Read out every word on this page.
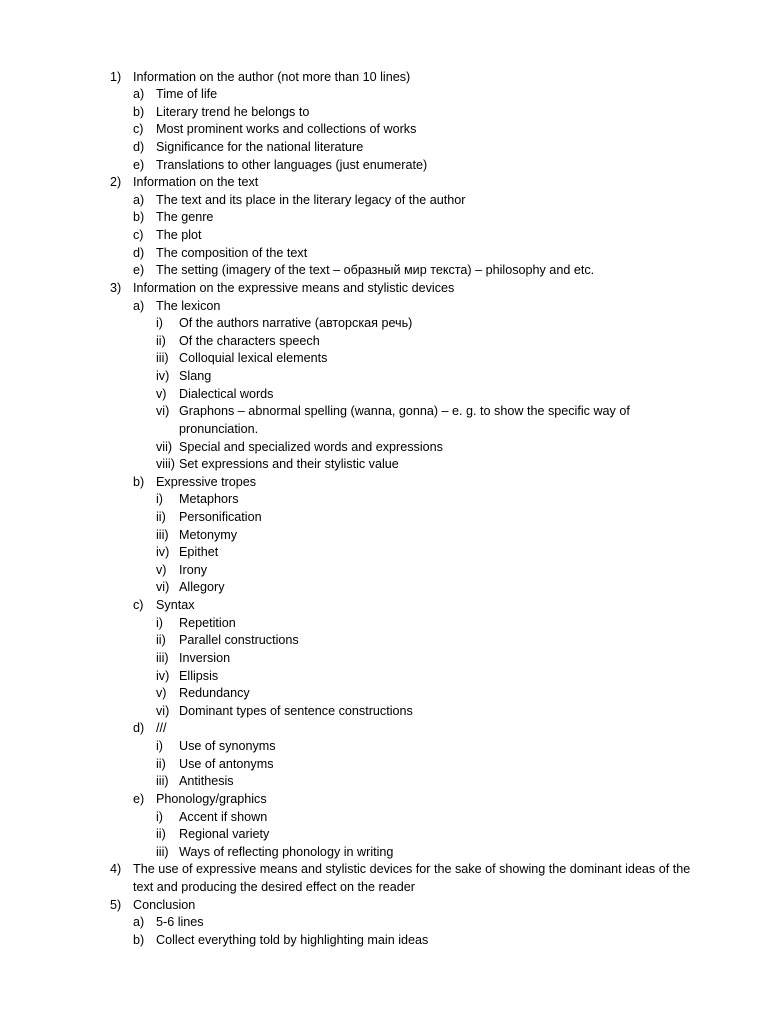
1) Information on the author (not more than 10 lines)
a) Time of life
b) Literary trend he belongs to
c) Most prominent works and collections of works
d) Significance for the national literature
e) Translations to other languages (just enumerate)
2) Information on the text
a) The text and its place in the literary legacy of the author
b) The genre
c) The plot
d) The composition of the text
e) The setting (imagery of the text – образный мир текста) – philosophy and etc.
3) Information on the expressive means and stylistic devices
a) The lexicon
i) Of the authors narrative (авторская речь)
ii) Of the characters speech
iii) Colloquial lexical elements
iv) Slang
v) Dialectical words
vi) Graphons – abnormal spelling (wanna, gonna) – e. g. to show the specific way of
pronunciation.
vii) Special and specialized words and expressions
viii) Set expressions and their stylistic value
b) Expressive tropes
i) Metaphors
ii) Personification
iii) Metonymy
iv) Epithet
v) Irony
vi) Allegory
c) Syntax
i) Repetition
ii) Parallel constructions
iii) Inversion
iv) Ellipsis
v) Redundancy
vi) Dominant types of sentence constructions
d) ///
i) Use of synonyms
ii) Use of antonyms
iii) Antithesis
e) Phonology/graphics
i) Accent if shown
ii) Regional variety
iii) Ways of reflecting phonology in writing
4) The use of expressive means and stylistic devices for the sake of showing the dominant ideas of the
text and producing the desired effect on the reader
5) Conclusion
a) 5-6 lines
b) Collect everything told by highlighting main ideas
